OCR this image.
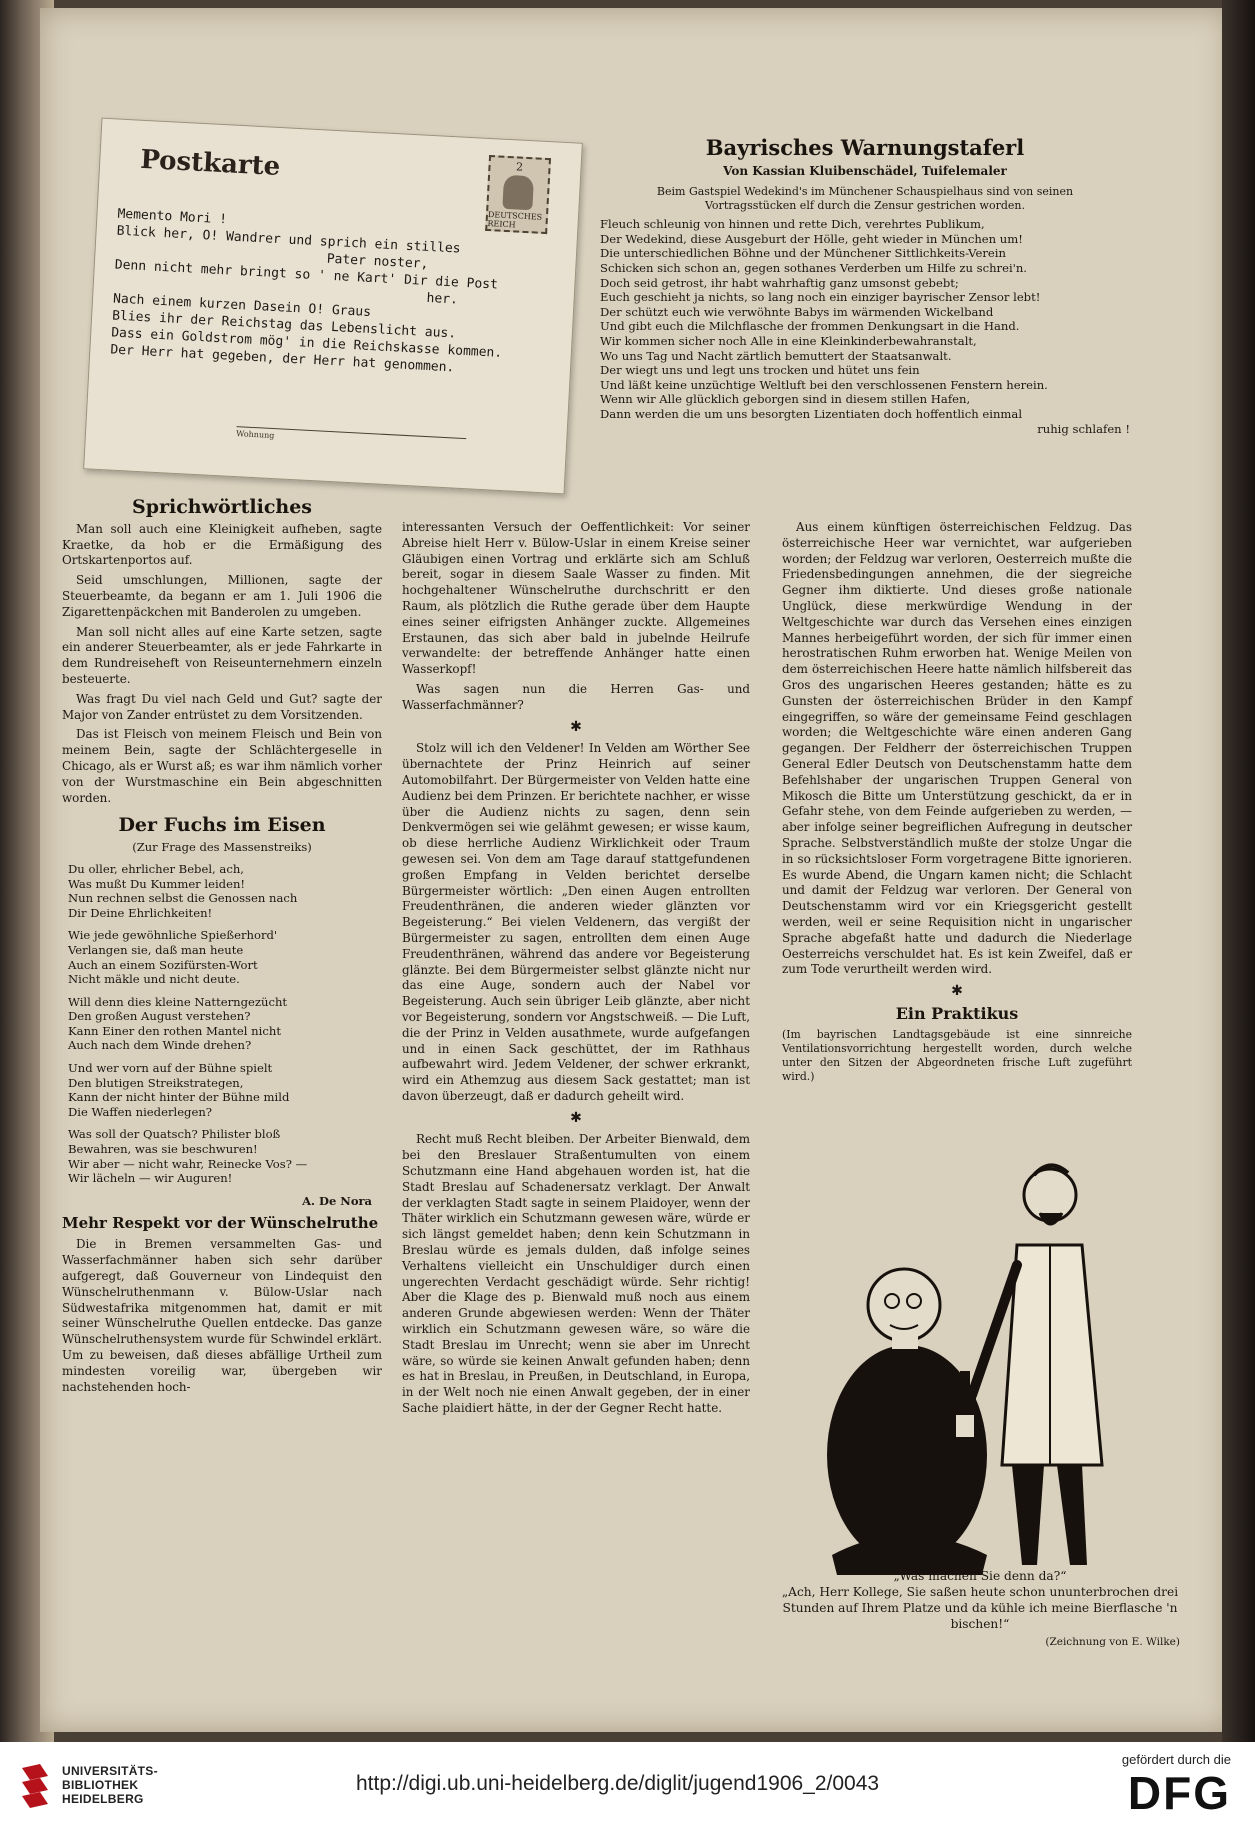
Postkarte	2
DEUTSCHES REICH
Memento Mori !
Blick her, O! Wandrer und sprich ein stilles
Pater noster,
Denn nicht mehr bringt so ' ne Kart' Dir die Post
her.
Nach einem kurzen Dasein O! Graus
Blies ihr der Reichstag das Lebenslicht aus.
Dass ein Goldstrom mög' in die Reichskasse kommen.
Der Herr hat gegeben, der Herr hat genommen.
Wohnung
Bayrisches Warnungstaferl
Von Kassian Kluibenschädel, Tuifelemaler

Beim Gastspiel Wedekind's im Münchener Schauspielhaus sind von seinen Vortragsstücken elf durch die Zensur gestrichen worden.

Fleuch schleunig von hinnen und rette Dich, verehrtes Publikum,
Der Wedekind, diese Ausgeburt der Hölle, geht wieder in München um!
Die unterschiedlichen Böhne und der Münchener Sittlichkeits-Verein
Schicken sich schon an, gegen sothanes Verderben um Hilfe zu schrei'n.
Doch seid getrost, ihr habt wahrhaftig ganz umsonst gebebt;
Euch geschieht ja nichts, so lang noch ein einziger bayrischer Zensor lebt!
Der schützt euch wie verwöhnte Babys im wärmenden Wickelband
Und gibt euch die Milchflasche der frommen Denkungsart in die Hand.
Wir kommen sicher noch Alle in eine Kleinkinderbewahranstalt,
Wo uns Tag und Nacht zärtlich bemuttert der Staatsanwalt.
Der wiegt uns und legt uns trocken und hütet uns fein
Und läßt keine unzüchtige Weltluft bei den verschlossenen Fenstern herein.
Wenn wir Alle glücklich geborgen sind in diesem stillen Hafen,
Dann werden die um uns besorgten Lizentiaten doch hoffentlich einmal
ruhig schlafen !
Sprichwörtliches

Man soll auch eine Kleinigkeit aufheben, sagte Kraetke, da hob er die Ermäßigung des Ortskartenportos auf.

Seid umschlungen, Millionen, sagte der Steuerbeamte, da begann er am 1. Juli 1906 die Zigarettenpäckchen mit Banderolen zu umgeben.

Man soll nicht alles auf eine Karte setzen, sagte ein anderer Steuerbeamter, als er jede Fahrkarte in dem Rundreiseheft von Reiseunternehmern einzeln besteuerte.

Was fragt Du viel nach Geld und Gut? sagte der Major von Zander entrüstet zu dem Vorsitzenden.

Das ist Fleisch von meinem Fleisch und Bein von meinem Bein, sagte der Schlächtergeselle in Chicago, als er Wurst aß; es war ihm nämlich vorher von der Wurstmaschine ein Bein abgeschnitten worden.

Der Fuchs im Eisen
(Zur Frage des Massenstreiks)
Du oller, ehrlicher Bebel, ach,
Was mußt Du Kummer leiden!
Nun rechnen selbst die Genossen nach
Dir Deine Ehrlichkeiten!
Wie jede gewöhnliche Spießerhord'
Verlangen sie, daß man heute
Auch an einem Sozifürsten-Wort
Nicht mäkle und nicht deute.
Will denn dies kleine Natterngezücht
Den großen August verstehen?
Kann Einer den rothen Mantel nicht
Auch nach dem Winde drehen?
Und wer vorn auf der Bühne spielt
Den blutigen Streikstrategen,
Kann der nicht hinter der Bühne mild
Die Waffen niederlegen?
Was soll der Quatsch? Philister bloß
Bewahren, was sie beschwuren!
Wir aber — nicht wahr, Reinecke Vos? —
Wir lächeln — wir Auguren!
A. De Nora
Mehr Respekt vor der Wünschelruthe

Die in Bremen versammelten Gas- und Wasserfachmänner haben sich sehr darüber aufgeregt, daß Gouverneur von Lindequist den Wünschelruthenmann v. Bülow-Uslar nach Südwestafrika mitgenommen hat, damit er mit seiner Wünschelruthe Quellen entdecke. Das ganze Wünschelruthensystem wurde für Schwindel erklärt. Um zu beweisen, daß dieses abfällige Urtheil zum mindesten voreilig war, übergeben wir nachstehenden hoch-

interessanten Versuch der Oeffentlichkeit: Vor seiner Abreise hielt Herr v. Bülow-Uslar in einem Kreise seiner Gläubigen einen Vortrag und erklärte sich am Schluß bereit, sogar in diesem Saale Wasser zu finden. Mit hochgehaltener Wünschelruthe durchschritt er den Raum, als plötzlich die Ruthe gerade über dem Haupte eines seiner eifrigsten Anhänger zuckte. Allgemeines Erstaunen, das sich aber bald in jubelnde Heilrufe verwandelte: der betreffende Anhänger hatte einen Wasserkopf!

Was sagen nun die Herren Gas- und Wasserfachmänner?

✱

Stolz will ich den Veldener! In Velden am Wörther See übernachtete der Prinz Heinrich auf seiner Automobilfahrt. Der Bürgermeister von Velden hatte eine Audienz bei dem Prinzen. Er berichtete nachher, er wisse über die Audienz nichts zu sagen, denn sein Denkvermögen sei wie gelähmt gewesen; er wisse kaum, ob diese herrliche Audienz Wirklichkeit oder Traum gewesen sei. Von dem am Tage darauf stattgefundenen großen Empfang in Velden berichtet derselbe Bürgermeister wörtlich: „Den einen Augen entrollten Freudenthränen, die anderen wieder glänzten vor Begeisterung.“ Bei vielen Veldenern, das vergißt der Bürgermeister zu sagen, entrollten dem einen Auge Freudenthränen, während das andere vor Begeisterung glänzte. Bei dem Bürgermeister selbst glänzte nicht nur das eine Auge, sondern auch der Nabel vor Begeisterung. Auch sein übriger Leib glänzte, aber nicht vor Begeisterung, sondern vor Angstschweiß. — Die Luft, die der Prinz in Velden ausathmete, wurde aufgefangen und in einen Sack geschüttet, der im Rathhaus aufbewahrt wird. Jedem Veldener, der schwer erkrankt, wird ein Athemzug aus diesem Sack gestattet; man ist davon überzeugt, daß er dadurch geheilt wird.

✱

Recht muß Recht bleiben. Der Arbeiter Bienwald, dem bei den Breslauer Straßentumulten von einem Schutzmann eine Hand abgehauen worden ist, hat die Stadt Breslau auf Schadenersatz verklagt. Der Anwalt der verklagten Stadt sagte in seinem Plaidoyer, wenn der Thäter wirklich ein Schutzmann gewesen wäre, würde er sich längst gemeldet haben; denn kein Schutzmann in Breslau würde es jemals dulden, daß infolge seines Verhaltens vielleicht ein Unschuldiger durch einen ungerechten Verdacht geschädigt würde. Sehr richtig! Aber die Klage des p. Bienwald muß noch aus einem anderen Grunde abgewiesen werden: Wenn der Thäter wirklich ein Schutzmann gewesen wäre, so wäre die Stadt Breslau im Unrecht; wenn sie aber im Unrecht wäre, so würde sie keinen Anwalt gefunden haben; denn es hat in Breslau, in Preußen, in Deutschland, in Europa, in der Welt noch nie einen Anwalt gegeben, der in einer Sache plaidiert hätte, in der der Gegner Recht hatte.

Aus einem künftigen österreichischen Feldzug. Das österreichische Heer war vernichtet, war aufgerieben worden; der Feldzug war verloren, Oesterreich mußte die Friedensbedingungen annehmen, die der siegreiche Gegner ihm diktierte. Und dieses große nationale Unglück, diese merkwürdige Wendung in der Weltgeschichte war durch das Versehen eines einzigen Mannes herbeigeführt worden, der sich für immer einen herostratischen Ruhm erworben hat. Wenige Meilen von dem österreichischen Heere hatte nämlich hilfsbereit das Gros des ungarischen Heeres gestanden; hätte es zu Gunsten der österreichischen Brüder in den Kampf eingegriffen, so wäre der gemeinsame Feind geschlagen worden; die Weltgeschichte wäre einen anderen Gang gegangen. Der Feldherr der österreichischen Truppen General Edler Deutsch von Deutschenstamm hatte dem Befehlshaber der ungarischen Truppen General von Mikosch die Bitte um Unterstützung geschickt, da er in Gefahr stehe, von dem Feinde aufgerieben zu werden, — aber infolge seiner begreiflichen Aufregung in deutscher Sprache. Selbstverständlich mußte der stolze Ungar die in so rücksichtsloser Form vorgetragene Bitte ignorieren. Es wurde Abend, die Ungarn kamen nicht; die Schlacht und damit der Feldzug war verloren. Der General von Deutschenstamm wird vor ein Kriegsgericht gestellt werden, weil er seine Requisition nicht in ungarischer Sprache abgefaßt hatte und dadurch die Niederlage Oesterreichs verschuldet hat. Es ist kein Zweifel, daß er zum Tode verurtheilt werden wird.

✱
Ein Praktikus
(Im bayrischen Landtagsgebäude ist eine sinnreiche Ventilationsvorrichtung hergestellt worden, durch welche unter den Sitzen der Abgeordneten frische Luft zugeführt wird.)
„Was machen Sie denn da?“
„Ach, Herr Kollege, Sie saßen heute schon ununterbrochen drei Stunden auf Ihrem Platze und da kühle ich meine Bierflasche 'n bischen!“
(Zeichnung von E. Wilke)
UNIVERSITÄTS-
BIBLIOTHEK
HEIDELBERG
http://digi.ub.uni-heidelberg.de/diglit/jugend1906_2/0043
gefördert durch die
DFG
